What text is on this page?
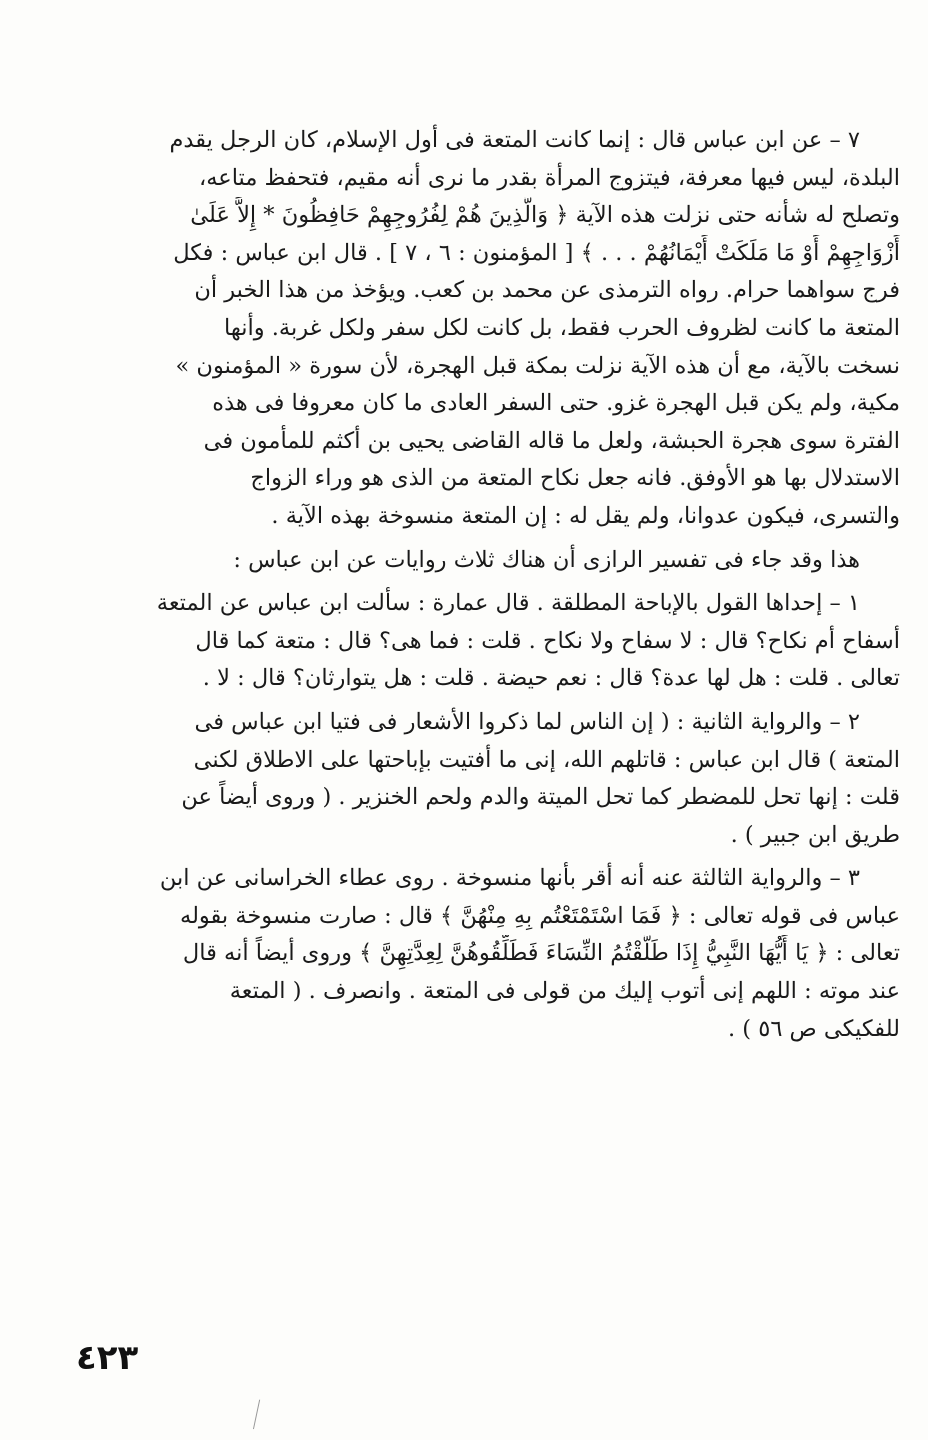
٧ – عن ابن عباس قال : إنما كانت المتعة فى أول الإسلام، كان الرجل يقدم
البلدة، ليس فيها معرفة، فيتزوج المرأة بقدر ما نرى أنه مقيم، فتحفظ متاعه،
وتصلح له شأنه حتى نزلت هذه الآية ﴿ وَالَّذِينَ هُمْ لِفُرُوجِهِمْ حَافِظُونَ * إِلاَّ عَلَىٰ
أَزْوَاجِهِمْ أَوْ مَا مَلَكَتْ أَيْمَانُهُمْ . . . ﴾ [ المؤمنون : ٦ ، ٧ ] . قال ابن عباس : فكل
فرج سواهما حرام. رواه الترمذى عن محمد بن كعب. ويؤخذ من هذا الخبر أن
المتعة ما كانت لظروف الحرب فقط، بل كانت لكل سفر ولكل غربة. وأنها
نسخت بالآية، مع أن هذه الآية نزلت بمكة قبل الهجرة، لأن سورة « المؤمنون »
مكية، ولم يكن قبل الهجرة غزو. حتى السفر العادى ما كان معروفا فى هذه
الفترة سوى هجرة الحبشة، ولعل ما قاله القاضى يحيى بن أكثم للمأمون فى
الاستدلال بها هو الأوفق. فانه جعل نكاح المتعة من الذى هو وراء الزواج
والتسرى، فيكون عدوانا، ولم يقل له : إن المتعة منسوخة بهذه الآية .

هذا وقد جاء فى تفسير الرازى أن هناك ثلاث روايات عن ابن عباس :

١ – إحداها القول بالإباحة المطلقة . قال عمارة : سألت ابن عباس عن المتعة
أسفاح أم نكاح؟ قال : لا سفاح ولا نكاح . قلت : فما هى؟ قال : متعة كما قال
تعالى . قلت : هل لها عدة؟ قال : نعم حيضة . قلت : هل يتوارثان؟ قال : لا .

٢ – والرواية الثانية : ( إن الناس لما ذكروا الأشعار فى فتيا ابن عباس فى
المتعة ) قال ابن عباس : قاتلهم الله، إنى ما أفتيت بإباحتها على الاطلاق لكنى
قلت : إنها تحل للمضطر كما تحل الميتة والدم ولحم الخنزير . ( وروى أيضاً عن
طريق ابن جبير ) .

٣ – والرواية الثالثة عنه أنه أقر بأنها منسوخة . روى عطاء الخراسانى عن ابن
عباس فى قوله تعالى : ﴿ فَمَا اسْتَمْتَعْتُم بِهِ مِنْهُنَّ ﴾ قال : صارت منسوخة بقوله
تعالى : ﴿ يَا أَيُّهَا النَّبِيُّ إِذَا طَلَّقْتُمُ النِّسَاءَ فَطَلِّقُوهُنَّ لِعِدَّتِهِنَّ ﴾ وروى أيضاً أنه قال
عند موته : اللهم إنى أتوب إليك من قولى فى المتعة . وانصرف . ( المتعة
للفكيكى ص ٥٦ ) .

٤٢٣
